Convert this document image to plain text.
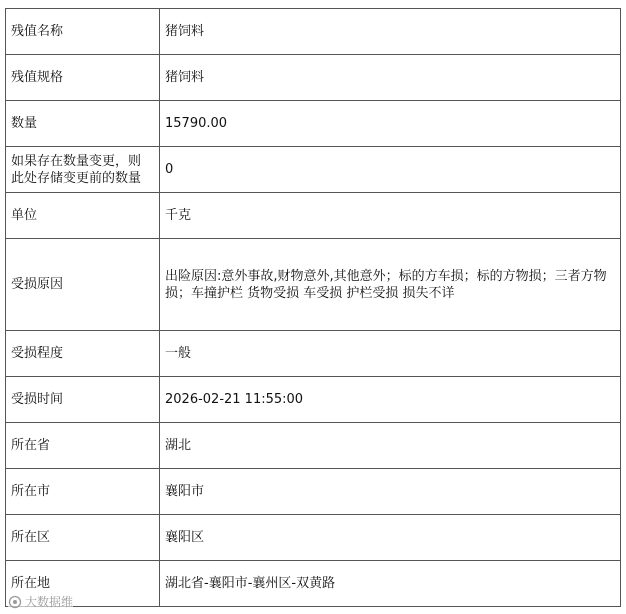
残值名称	猪饲料
残值规格	猪饲料
数量	15790.00
如果存在数量变更，则此处存储变更前的数量	0
单位	千克
受损原因	出险原因:意外事故,财物意外,其他意外；标的方车损；标的方物损；三者方物损；车撞护栏 货物受损 车受损 护栏受损 损失不详
受损程度	一般
受损时间	2026-02-21 11:55:00
所在省	湖北
所在市	襄阳市
所在区	襄阳区
所在地	湖北省-襄阳市-襄州区-双黄路
大数据维
